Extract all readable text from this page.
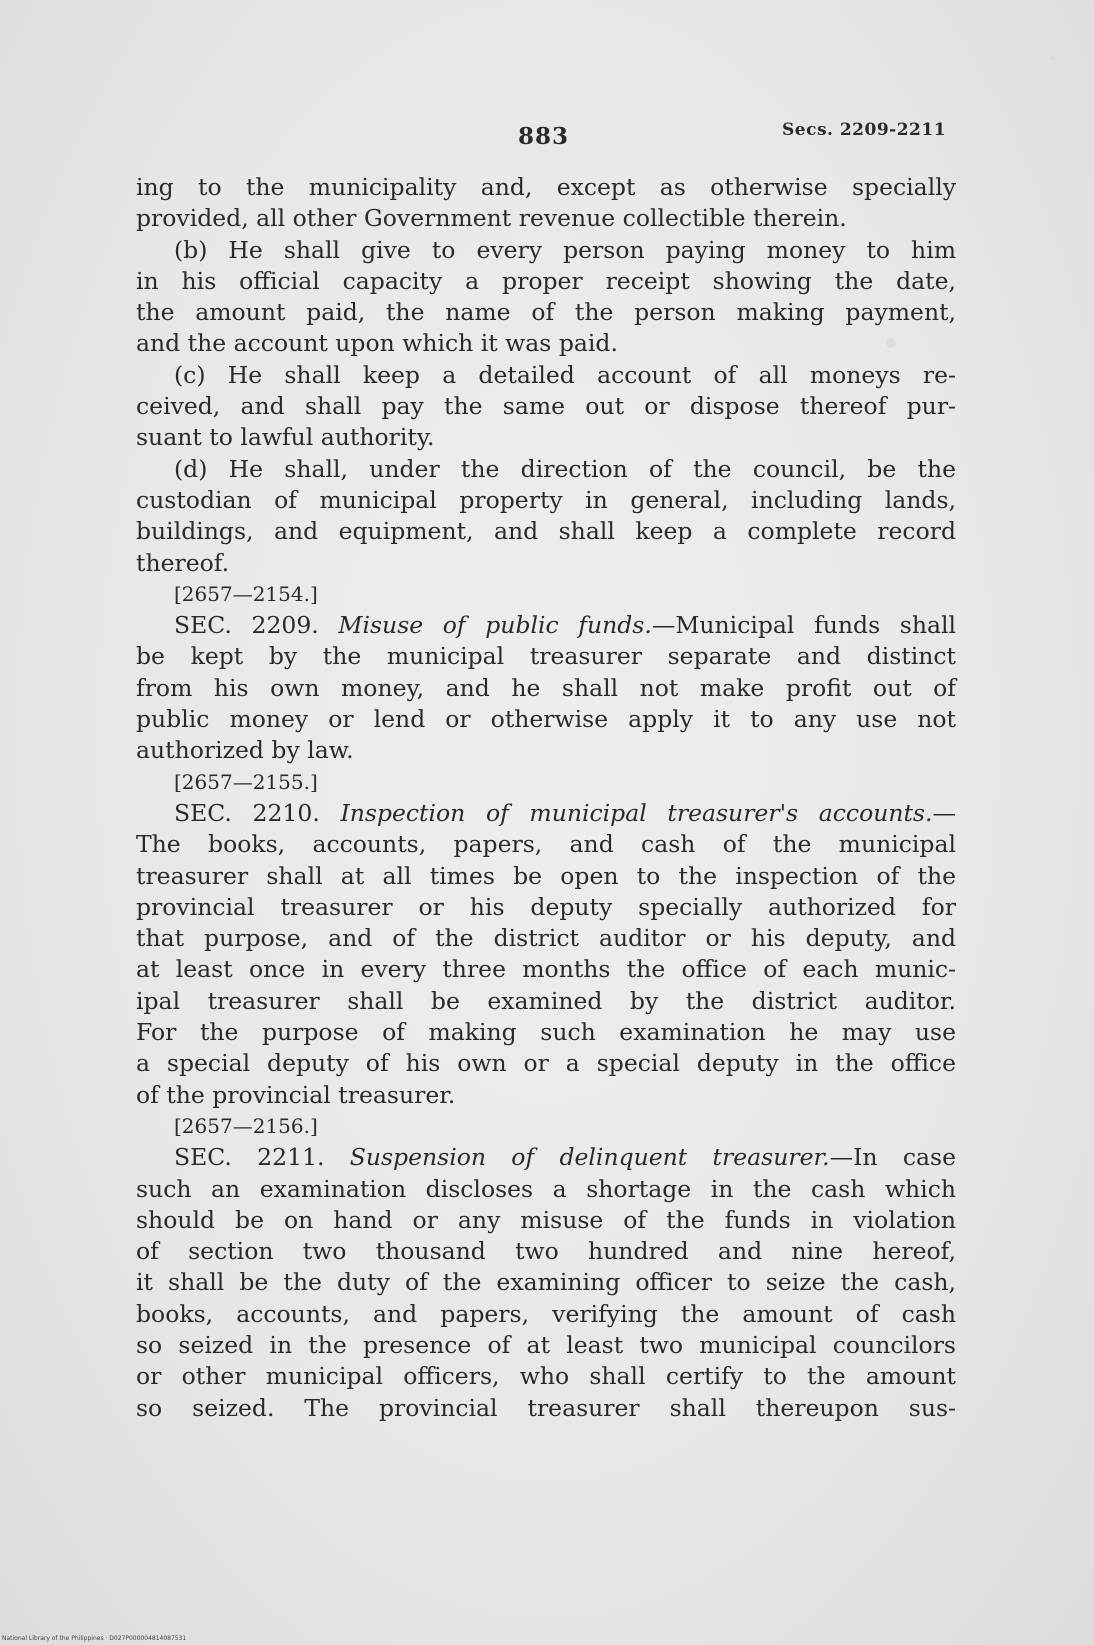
883	Secs. 2209-2211
ing to the municipality and, except as otherwise specially
provided, all other Government revenue collectible therein.
(b) He shall give to every person paying money to him
in his official capacity a proper receipt showing the date,
the amount paid, the name of the person making payment,
and the account upon which it was paid.
(c) He shall keep a detailed account of all moneys re-
ceived, and shall pay the same out or dispose thereof pur-
suant to lawful authority.
(d) He shall, under the direction of the council, be the
custodian of municipal property in general, including lands,
buildings, and equipment, and shall keep a complete record
thereof.
[2657—2154.]
SEC. 2209. Misuse of public funds.—Municipal funds shall
be kept by the municipal treasurer separate and distinct
from his own money, and he shall not make profit out of
public money or lend or otherwise apply it to any use not
authorized by law.
[2657—2155.]
SEC. 2210. Inspection of municipal treasurer's accounts.—
The books, accounts, papers, and cash of the municipal
treasurer shall at all times be open to the inspection of the
provincial treasurer or his deputy specially authorized for
that purpose, and of the district auditor or his deputy, and
at least once in every three months the office of each munic-
ipal treasurer shall be examined by the district auditor.
For the purpose of making such examination he may use
a special deputy of his own or a special deputy in the office
of the provincial treasurer.
[2657—2156.]
SEC. 2211. Suspension of delinquent treasurer.—In case
such an examination discloses a shortage in the cash which
should be on hand or any misuse of the funds in violation
of section two thousand two hundred and nine hereof,
it shall be the duty of the examining officer to seize the cash,
books, accounts, and papers, verifying the amount of cash
so seized in the presence of at least two municipal councilors
or other municipal officers, who shall certify to the amount
so seized. The provincial treasurer shall thereupon sus-
National Library of the Philippines · D027P000004814087531
